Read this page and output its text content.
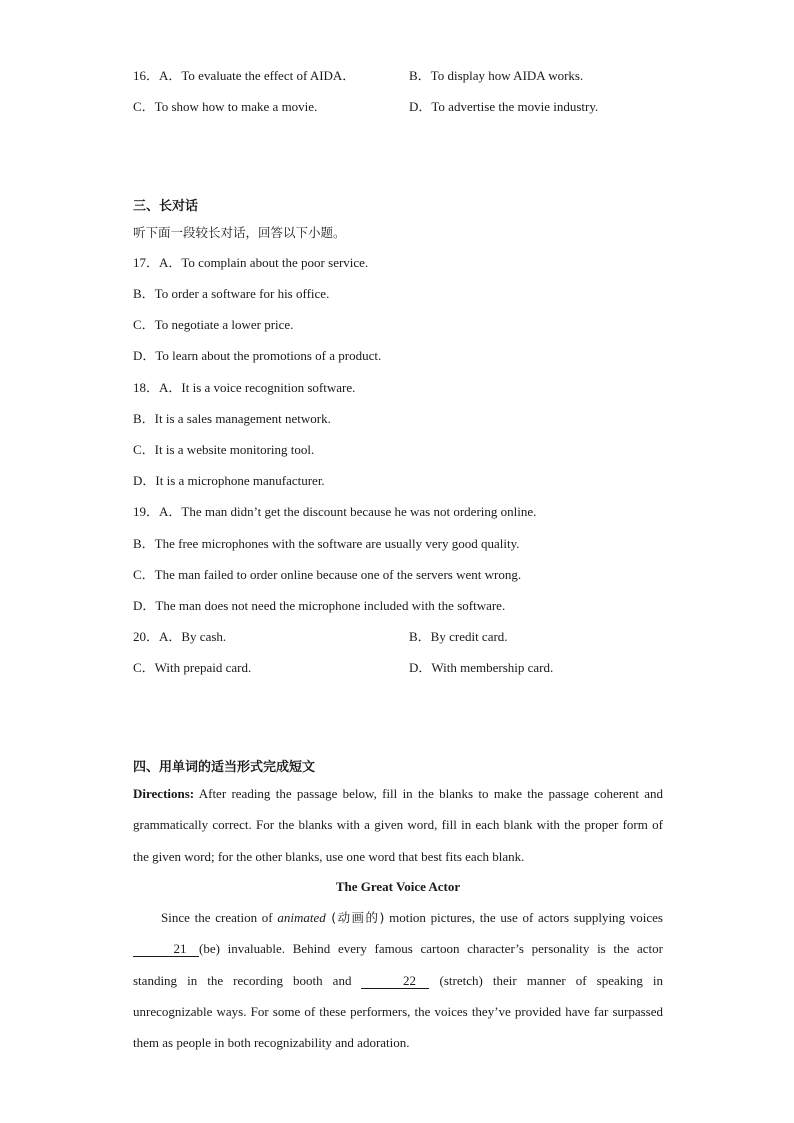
16．A．To evaluate the effect of AIDA．	B．To display how AIDA works.
C．To show how to make a movie.	D．To advertise the movie industry.
三、长对话
听下面一段较长对话，回答以下小题。
17．A．To complain about the poor service.
B．To order a software for his office.
C．To negotiate a lower price.
D．To learn about the promotions of a product.
18．A．It is a voice recognition software.
B．It is a sales management network.
C．It is a website monitoring tool.
D．It is a microphone manufacturer.
19．A．The man didn’t get the discount because he was not ordering online.
B．The free microphones with the software are usually very good quality.
C．The man failed to order online because one of the servers went wrong.
D．The man does not need the microphone included with the software.
20．A．By cash.	B．By credit card.
C．With prepaid card.	D．With membership card.
四、用单词的适当形式完成短文
Directions: After reading the passage below, fill in the blanks to make the passage coherent and grammatically correct. For the blanks with a given word, fill in each blank with the proper form of the given word; for the other blanks, use one word that best fits each blank.
The Great Voice Actor
Since the creation of animated (动画的) motion pictures, the use of actors supplying voices 21 (be) invaluable. Behind every famous cartoon character’s personality is the actor standing in the recording booth and	22 (stretch) their manner of speaking in unrecognizable ways. For some of these performers, the voices they’ve provided have far surpassed them as people in both recognizability and adoration.
